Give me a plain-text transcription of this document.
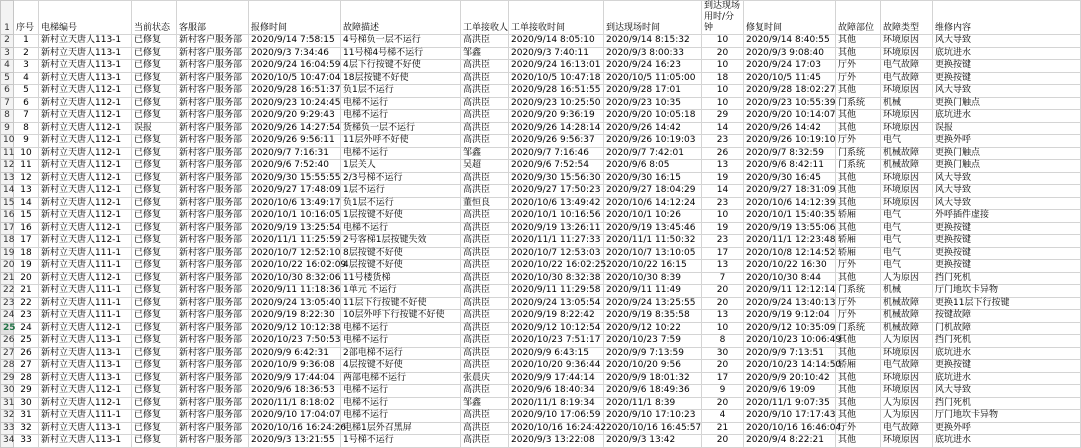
1	序号	电梯编号	当前状态	客服部	报修时间	故障描述	工单接收人	工单接收时间	到达现场时间	到达现场用时/分钟	修复时间	故障部位	故障类型	维修内容
2	1	新村立天唐人113-1	已修复	新村客户服务部	2020/9/14 7:58:15	4号梯负一层不运行	高洪臣	2020/9/14 8:05:10	2020/9/14 8:15:32	10	2020/9/14 8:40:55	其他	环境原因	风大导致
3	2	新村立天唐人113-1	已修复	新村客户服务部	2020/9/3 7:34:46	11号梯4号梯不运行	邹鑫	2020/9/3 7:40:11	2020/9/3 8:00:33	20	2020/9/3 9:08:40	其他	环境原因	底坑进水
4	3	新村立天唐人113-1	已修复	新村客户服务部	2020/9/24 16:04:59	4层下行按键不好使	高洪臣	2020/9/24 16:13:01	2020/9/24 16:23	10	2020/9/24 17:03	厅外	电气故障	更换按键
5	4	新村立天唐人113-1	已修复	新村客户服务部	2020/10/5 10:47:04	18层按键不好使	高洪臣	2020/10/5 10:47:18	2020/10/5 11:05:00	18	2020/10/5 11:45	厅外	电气故障	更换按键
6	5	新村立天唐人112-1	已修复	新村客户服务部	2020/9/28 16:51:37	负1层不运行	高洪臣	2020/9/28 16:51:55	2020/9/28 17:01	10	2020/9/28 18:02:27	其他	环境原因	风大导致
7	6	新村立天唐人112-1	已修复	新村客户服务部	2020/9/23 10:24:45	电梯不运行	高洪臣	2020/9/23 10:25:50	2020/9/23 10:35	10	2020/9/23 10:55:39	门系统	机械	更换门触点
8	7	新村立天唐人112-1	已修复	新村客户服务部	2020/9/20 9:29:43	电梯不运行	高洪臣	2020/9/20 9:36:19	2020/9/20 10:05:18	29	2020/9/20 10:14:07	其他	环境原因	底坑进水
9	8	新村立天唐人112-1	误报	新村客户服务部	2020/9/26 14:27:54	货梯负一层不运行	高洪臣	2020/9/26 14:28:14	2020/9/26 14:42	14	2020/9/26 14:42	其他	环境原因	误报
10	9	新村立天唐人112-1	已修复	新村客户服务部	2020/9/26 9:56:11	11层外呼不好使	高洪臣	2020/9/26 9:56:37	2020/9/26 10:19:03	23	2020/9/26 10:19:10	厅外	电气	更换外呼
11	10	新村立天唐人112-1	已修复	新村客户服务部	2020/9/7 7:16:31	电梯不运行	邹鑫	2020/9/7 7:16:46	2020/9/7 7:42:01	26	2020/9/7 8:32:59	门系统	机械故障	更换门触点
12	11	新村立天唐人112-1	已修复	新村客户服务部	2020/9/6 7:52:40	1层关人	吴超	2020/9/6 7:52:54	2020/9/6 8:05	13	2020/9/6 8:42:11	门系统	机械故障	更换门触点
13	12	新村立天唐人112-1	已修复	新村客户服务部	2020/9/30 15:55:55	2/3号梯不运行	高洪臣	2020/9/30 15:56:30	2020/9/30 16:15	19	2020/9/30 16:45	其他	环境原因	风大导致
14	13	新村立天唐人112-1	已修复	新村客户服务部	2020/9/27 17:48:09	1层不运行	高洪臣	2020/9/27 17:50:23	2020/9/27 18:04:29	14	2020/9/27 18:31:09	其他	环境原因	风大导致
15	14	新村立天唐人112-1	已修复	新村客户服务部	2020/10/6 13:49:17	负1层不运行	董恒良	2020/10/6 13:49:42	2020/10/6 14:12:24	23	2020/10/6 14:12:39	其他	环境原因	风大导致
16	15	新村立天唐人112-1	已修复	新村客户服务部	2020/10/1 10:16:05	1层按键不好使	高洪臣	2020/10/1 10:16:56	2020/10/1 10:26	10	2020/10/1 15:40:35	轿厢	电气	外呼插件虚接
17	16	新村立天唐人112-1	已修复	新村客户服务部	2020/9/19 13:25:54	电梯不运行	高洪臣	2020/9/19 13:26:11	2020/9/19 13:45:46	19	2020/9/19 13:55:06	其他	电气	更换按键
18	17	新村立天唐人112-1	已修复	新村客户服务部	2020/11/1 11:25:59	2号客梯1层按键失效	高洪臣	2020/11/1 11:27:33	2020/11/1 11:50:32	23	2020/11/1 12:23:48	轿厢	电气	更换按键
19	18	新村立天唐人111-1	已修复	新村客户服务部	2020/10/7 12:52:10	8层按键不好使	高洪臣	2020/10/7 12:53:03	2020/10/7 13:10:05	17	2020/10/8 12:14:52	轿厢	电气	更换按键
20	19	新村立天唐人111-1	已修复	新村客户服务部	2020/10/22 16:02:09	4层按键不好使	高洪臣	2020/10/22 16:02:25	2020/10/22 16:15	13	2020/10/22 16:30	厅外	电气	更换按键
21	20	新村立天唐人112-1	已修复	新村客户服务部	2020/10/30 8:32:06	11号楼货梯	高洪臣	2020/10/30 8:32:38	2020/10/30 8:39	7	2020/10/30 8:44	其他	人为原因	挡门死机
22	21	新村立天唐人111-1	已修复	新村客户服务部	2020/9/11 11:18:36	1单元 不运行	高洪臣	2020/9/11 11:29:58	2020/9/11 11:49	20	2020/9/11 12:12:14	门系统	机械	厅门地坎卡异物
23	22	新村立天唐人111-1	已修复	新村客户服务部	2020/9/24 13:05:40	11层下行按键不好使	高洪臣	2020/9/24 13:05:54	2020/9/24 13:25:55	20	2020/9/24 13:40:13	厅外	机械故障	更换11层下行按键
24	23	新村立天唐人111-1	已修复	新村客户服务部	2020/9/19 8:22:30	10层外呼下行按键不好使	高洪臣	2020/9/19 8:22:42	2020/9/19 8:35:58	13	2020/9/19 9:12:04	厅外	机械故障	按键故障
25	24	新村立天唐人112-1	已修复	新村客户服务部	2020/9/12 10:12:38	电梯不运行	高洪臣	2020/9/12 10:12:54	2020/9/12 10:22	10	2020/9/12 10:35:09	门系统	机械故障	门机故障
26	25	新村立天唐人113-1	已修复	新村客户服务部	2020/10/23 7:50:53	电梯不运行	高洪臣	2020/10/23 7:51:17	2020/10/23 7:59	8	2020/10/23 10:06:49	其他	人为原因	挡门死机
27	26	新村立天唐人113-1	已修复	新村客户服务部	2020/9/9 6:42:31	2部电梯不运行	高洪臣	2020/9/9 6:43:15	2020/9/9 7:13:59	30	2020/9/9 7:13:51	其他	环境原因	底坑进水
28	27	新村立天唐人113-1	已修复	新村客户服务部	2020/10/9 9:36:08	4层按键不好使	高洪臣	2020/10/20 9:36:44	2020/10/20 9:56	20	2020/10/23 14:14:50	轿厢	电气故障	更换按键
29	28	新村立天唐人113-1	已修复	新村客户服务部	2020/9/9 17:44:04	两部电梯不运行	张晨庆	2020/9/9 17:44:14	2020/9/9 18:01:32	17	2020/9/9 20:10:42	其他	环境原因	底坑进水
30	29	新村立天唐人112-1	已修复	新村客户服务部	2020/9/6 18:36:53	电梯不运行	高洪臣	2020/9/6 18:40:34	2020/9/6 18:49:36	9	2020/9/6 19:09	其他	环境原因	风大导致
31	30	新村立天唐人112-1	已修复	新村客户服务部	2020/11/1 8:18:02	电梯不运行	邹鑫	2020/11/1 8:19:34	2020/11/1 8:39	20	2020/11/1 9:07:35	其他	人为原因	挡门死机
32	31	新村立天唐人111-1	已修复	新村客户服务部	2020/9/10 17:04:07	电梯不运行	高洪臣	2020/9/10 17:06:59	2020/9/10 17:10:23	4	2020/9/10 17:17:43	其他	人为原因	厅门地坎卡异物
33	32	新村立天唐人113-1	已修复	新村客户服务部	2020/10/16 16:24:26	电梯1层外召黑屏	高洪臣	2020/10/16 16:24:42	2020/10/16 16:45:57	21	2020/10/16 16:46:04	厅外	电气故障	更换外呼
34	33	新村立天唐人113-1	已修复	新村客户服务部	2020/9/3 13:21:55	1号梯不运行	高洪臣	2020/9/3 13:22:08	2020/9/3 13:42	20	2020/9/4 8:22:21	其他	环境原因	底坑进水
